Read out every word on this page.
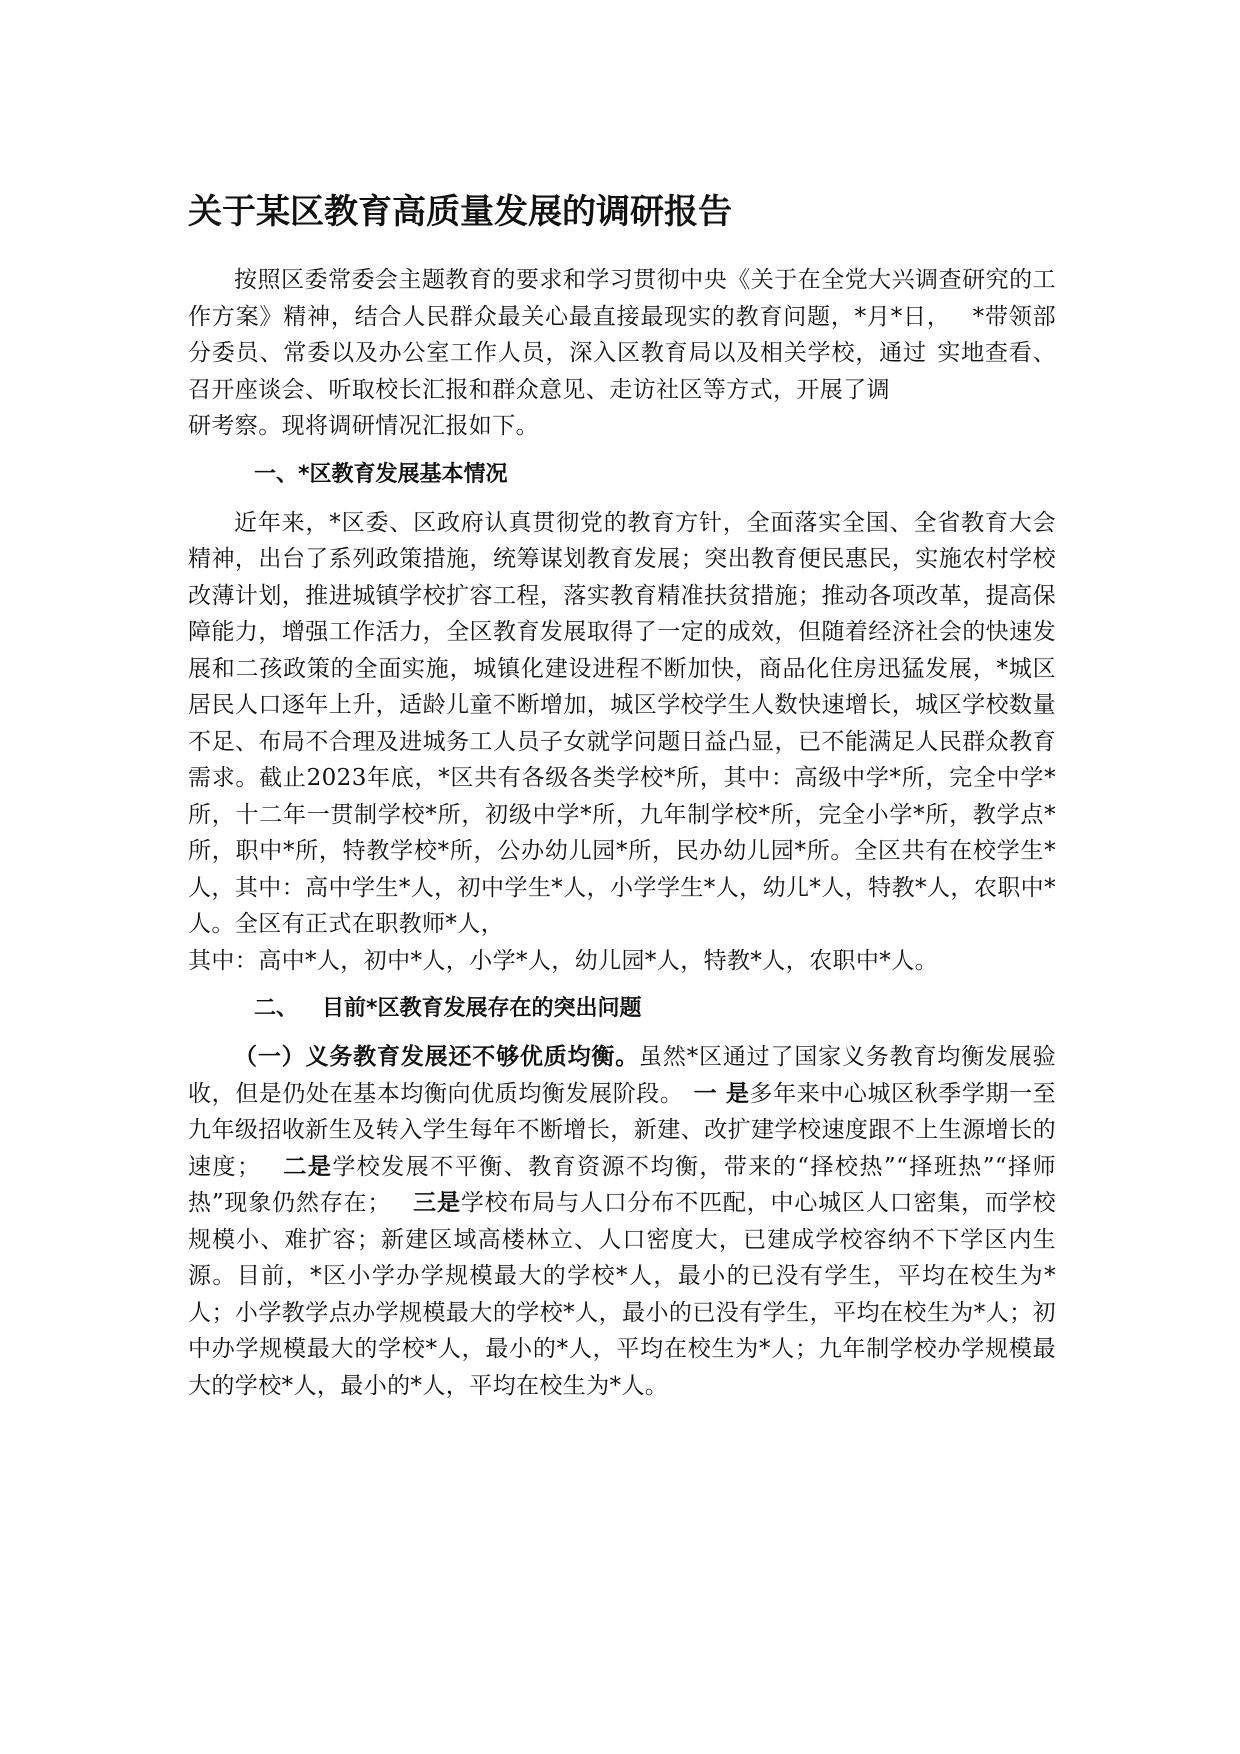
关于某区教育高质量发展的调研报告

按照区委常委会主题教育的要求和学习贯彻中央《关于在全党大兴调查研究的工作方案》精神，结合人民群众最关心最直接最现实的教育问题，*月*日， *带领部分委员、常委以及办公室工作人员，深入区教育局以及相关学校，通过 实地查看、召开座谈会、听取校长汇报和群众意见、走访社区等方式，开展了调

研考察。现将调研情况汇报如下。

一、*区教育发展基本情况

近年来，*区委、区政府认真贯彻党的教育方针，全面落实全国、全省教育大会精神，出台了系列政策措施，统筹谋划教育发展；突出教育便民惠民，实施农村学校改薄计划，推进城镇学校扩容工程，落实教育精准扶贫措施；推动各项改革，提高保障能力，增强工作活力，全区教育发展取得了一定的成效，但随着经济社会的快速发展和二孩政策的全面实施，城镇化建设进程不断加快，商品化住房迅猛发展，*城区居民人口逐年上升，适龄儿童不断增加，城区学校学生人数快速增长，城区学校数量不足、布局不合理及进城务工人员子女就学问题日益凸显，已不能满足人民群众教育需求。截止2023年底，*区共有各级各类学校*所，其中：高级中学*所，完全中学*所，十二年一贯制学校*所，初级中学*所，九年制学校*所，完全小学*所，教学点*所，职中*所，特教学校*所，公办幼儿园*所，民办幼儿园*所。全区共有在校学生*人，其中：高中学生*人，初中学生*人，小学学生*人，幼儿*人，特教*人，农职中*人。全区有正式在职教师*人，

其中：高中*人，初中*人，小学*人，幼儿园*人，特教*人，农职中*人。

二、 目前*区教育发展存在的突出问题

（一）义务教育发展还不够优质均衡。虽然*区通过了国家义务教育均衡发展验收，但是仍处在基本均衡向优质均衡发展阶段。 一 是多年来中心城区秋季学期一至九年级招收新生及转入学生每年不断增长，新建、改扩建学校速度跟不上生源增长的速度； 二是学校发展不平衡、教育资源不均衡，带来的“择校热”“择班热”“择师热”现象仍然存在； 三是学校布局与人口分布不匹配，中心城区人口密集，而学校规模小、难扩容；新建区域高楼林立、人口密度大，已建成学校容纳不下学区内生源。目前，*区小学办学规模最大的学校*人，最小的已没有学生，平均在校生为*人；小学教学点办学规模最大的学校*人，最小的已没有学生，平均在校生为*人；初中办学规模最大的学校*人，最小的*人，平均在校生为*人；九年制学校办学规模最大的学校*人，最小的*人，平均在校生为*人。
